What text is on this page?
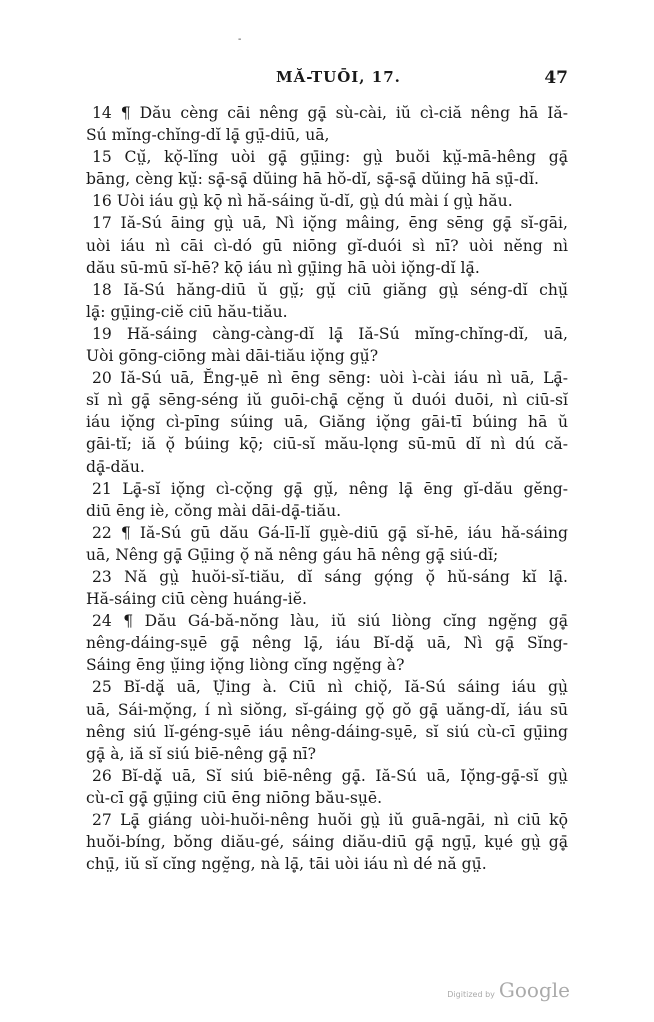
-
MĂ-TUŌI, 17.	47
14 ¶ Dău cèng cāi nêng gḁ̄ sù-cài, iŭ cì-ciă nêng hā Iă-
Sú mĭng-chĭng-dĭ lḁ̄ gṳ̄-diū, uā,
15 Cṳ̆, kǫ̆-lĭng uòi gḁ̄ gṳ̄ing: gṳ̀ buŏi kṳ̆-mā-hêng gḁ̄
bāng, cèng kṳ̆: sḁ̄-sḁ̄ dŭing hā hŏ-dĭ, sḁ̄-sḁ̄ dŭing hā sṳ̄-dĭ.
16 Uòi iáu gṳ̀ kǭ nì hă-sáing ŭ-dĭ, gṳ̀ dú mài í gṳ̀ hău.
17 Iă-Sú āing gṳ̀ uā, Nì iǫ̆ng mâing, ēng sēng gḁ̄ sĭ-gāi,
uòi iáu nì cāi cì-dó gū niōng gĭ-duói sì nī? uòi nĕng nì
dău sū-mū sĭ-hē? kǭ iáu nì gṳ̄ing hā uòi iǫ̆ng-dĭ lḁ̄.
18 Iă-Sú hăng-diū ŭ gṳ̆; gṳ̆ ciū giăng gṳ̀ séng-dĭ chṳ̆
lḁ̄: gṳ̄ing-ciĕ ciū hău-tiău.
19 Hă-sáing càng-càng-dĭ lḁ̄ Iă-Sú mĭng-chĭng-dĭ, uā,
Uòi gōng-ciōng mài dāi-tiău iǫ̆ng gṳ̆?
20 Iă-Sú uā, Ĕng-ṳē nì ēng sēng: uòi ì-cài iáu nì uā, Lḁ̄-
sĭ nì gḁ̄ sēng-séng iŭ guōi-chḁ̄ cḛ̆ng ŭ duói duōi, nì ciū-sĭ
iáu iǫ̆ng cì-pīng súing uā, Giăng iǫ̆ng gāi-tī búing hā ŭ
gāi-tĭ; iă ǫ̆ búing kǭ; ciū-sĭ mău-lǫng sū-mū dĭ nì dú că-
dḁ̄-dău.
21 Lḁ̄-sĭ iǫ̆ng cì-cǫ̆ng gḁ̄ gṳ̆, nêng lḁ̄ ēng gĭ-dău gĕng-
diū ēng iè, cŏng mài dāi-dḁ̄-tiău.
22 ¶ Iă-Sú gū dău Gá-lī-lĭ gṳè-diū gḁ̄ sĭ-hē, iáu hă-sáing
uā, Nêng gḁ̄ Gṳ̄ing ǫ̆ nă nêng gáu hā nêng gḁ̄ siú-dĭ;
23 Nă gṳ̀ huŏi-sĭ-tiău, dĭ sáng gǫ́ng ǫ̆ hŭ-sáng kĭ lḁ̄.
Hă-sáing ciū cèng huáng-iĕ.
24 ¶ Dău Gá-bă-nŏng làu, iŭ siú liòng cĭng ngḛ̆ng gḁ̄
nêng-dáing-sṳē gḁ̄ nêng lḁ̄, iáu Bĭ-dḁ̆ uā, Nì gḁ̄ Sĭng-
Sáing ēng ṳ̆ing iǫ̆ng liòng cĭng ngḛ̆ng à?
25 Bĭ-dḁ̆ uā, Ṳ̆ing à. Ciū nì chiǫ̆, Iă-Sú sáing iáu gṳ̀
uā, Sái-mǫ̆ng, í nì siŏng, sĭ-gáing gǫ̆ gŏ gḁ̄ uăng-dĭ, iáu sū
nêng siú lĭ-géng-sṳē iáu nêng-dáing-sṳē, sĭ siú cù-cī gṳ̄ing
gḁ̄ à, iă sĭ siú biē-nêng gḁ̄ nī?
26 Bĭ-dḁ̆ uā, Sĭ siú biē-nêng gḁ̄. Iă-Sú uā, Iǫ̆ng-gḁ̄-sĭ gṳ̀
cù-cī gḁ̄ gṳ̄ing ciū ēng niōng bău-sṳē.
27 Lḁ̄ giáng uòi-huŏi-nêng huŏi gṳ̀ iŭ guā-ngāi, nì ciū kǭ
huŏi-bíng, bŏng diău-gé, sáing diău-diū gḁ̄ ngṳ̄, kṳé gṳ̀ gḁ̄
chṳ̄, iŭ sĭ cĭng ngḛ̆ng, nà lḁ̄, tāi uòi iáu nì dé nă gṳ̄.
Digitized by Google
